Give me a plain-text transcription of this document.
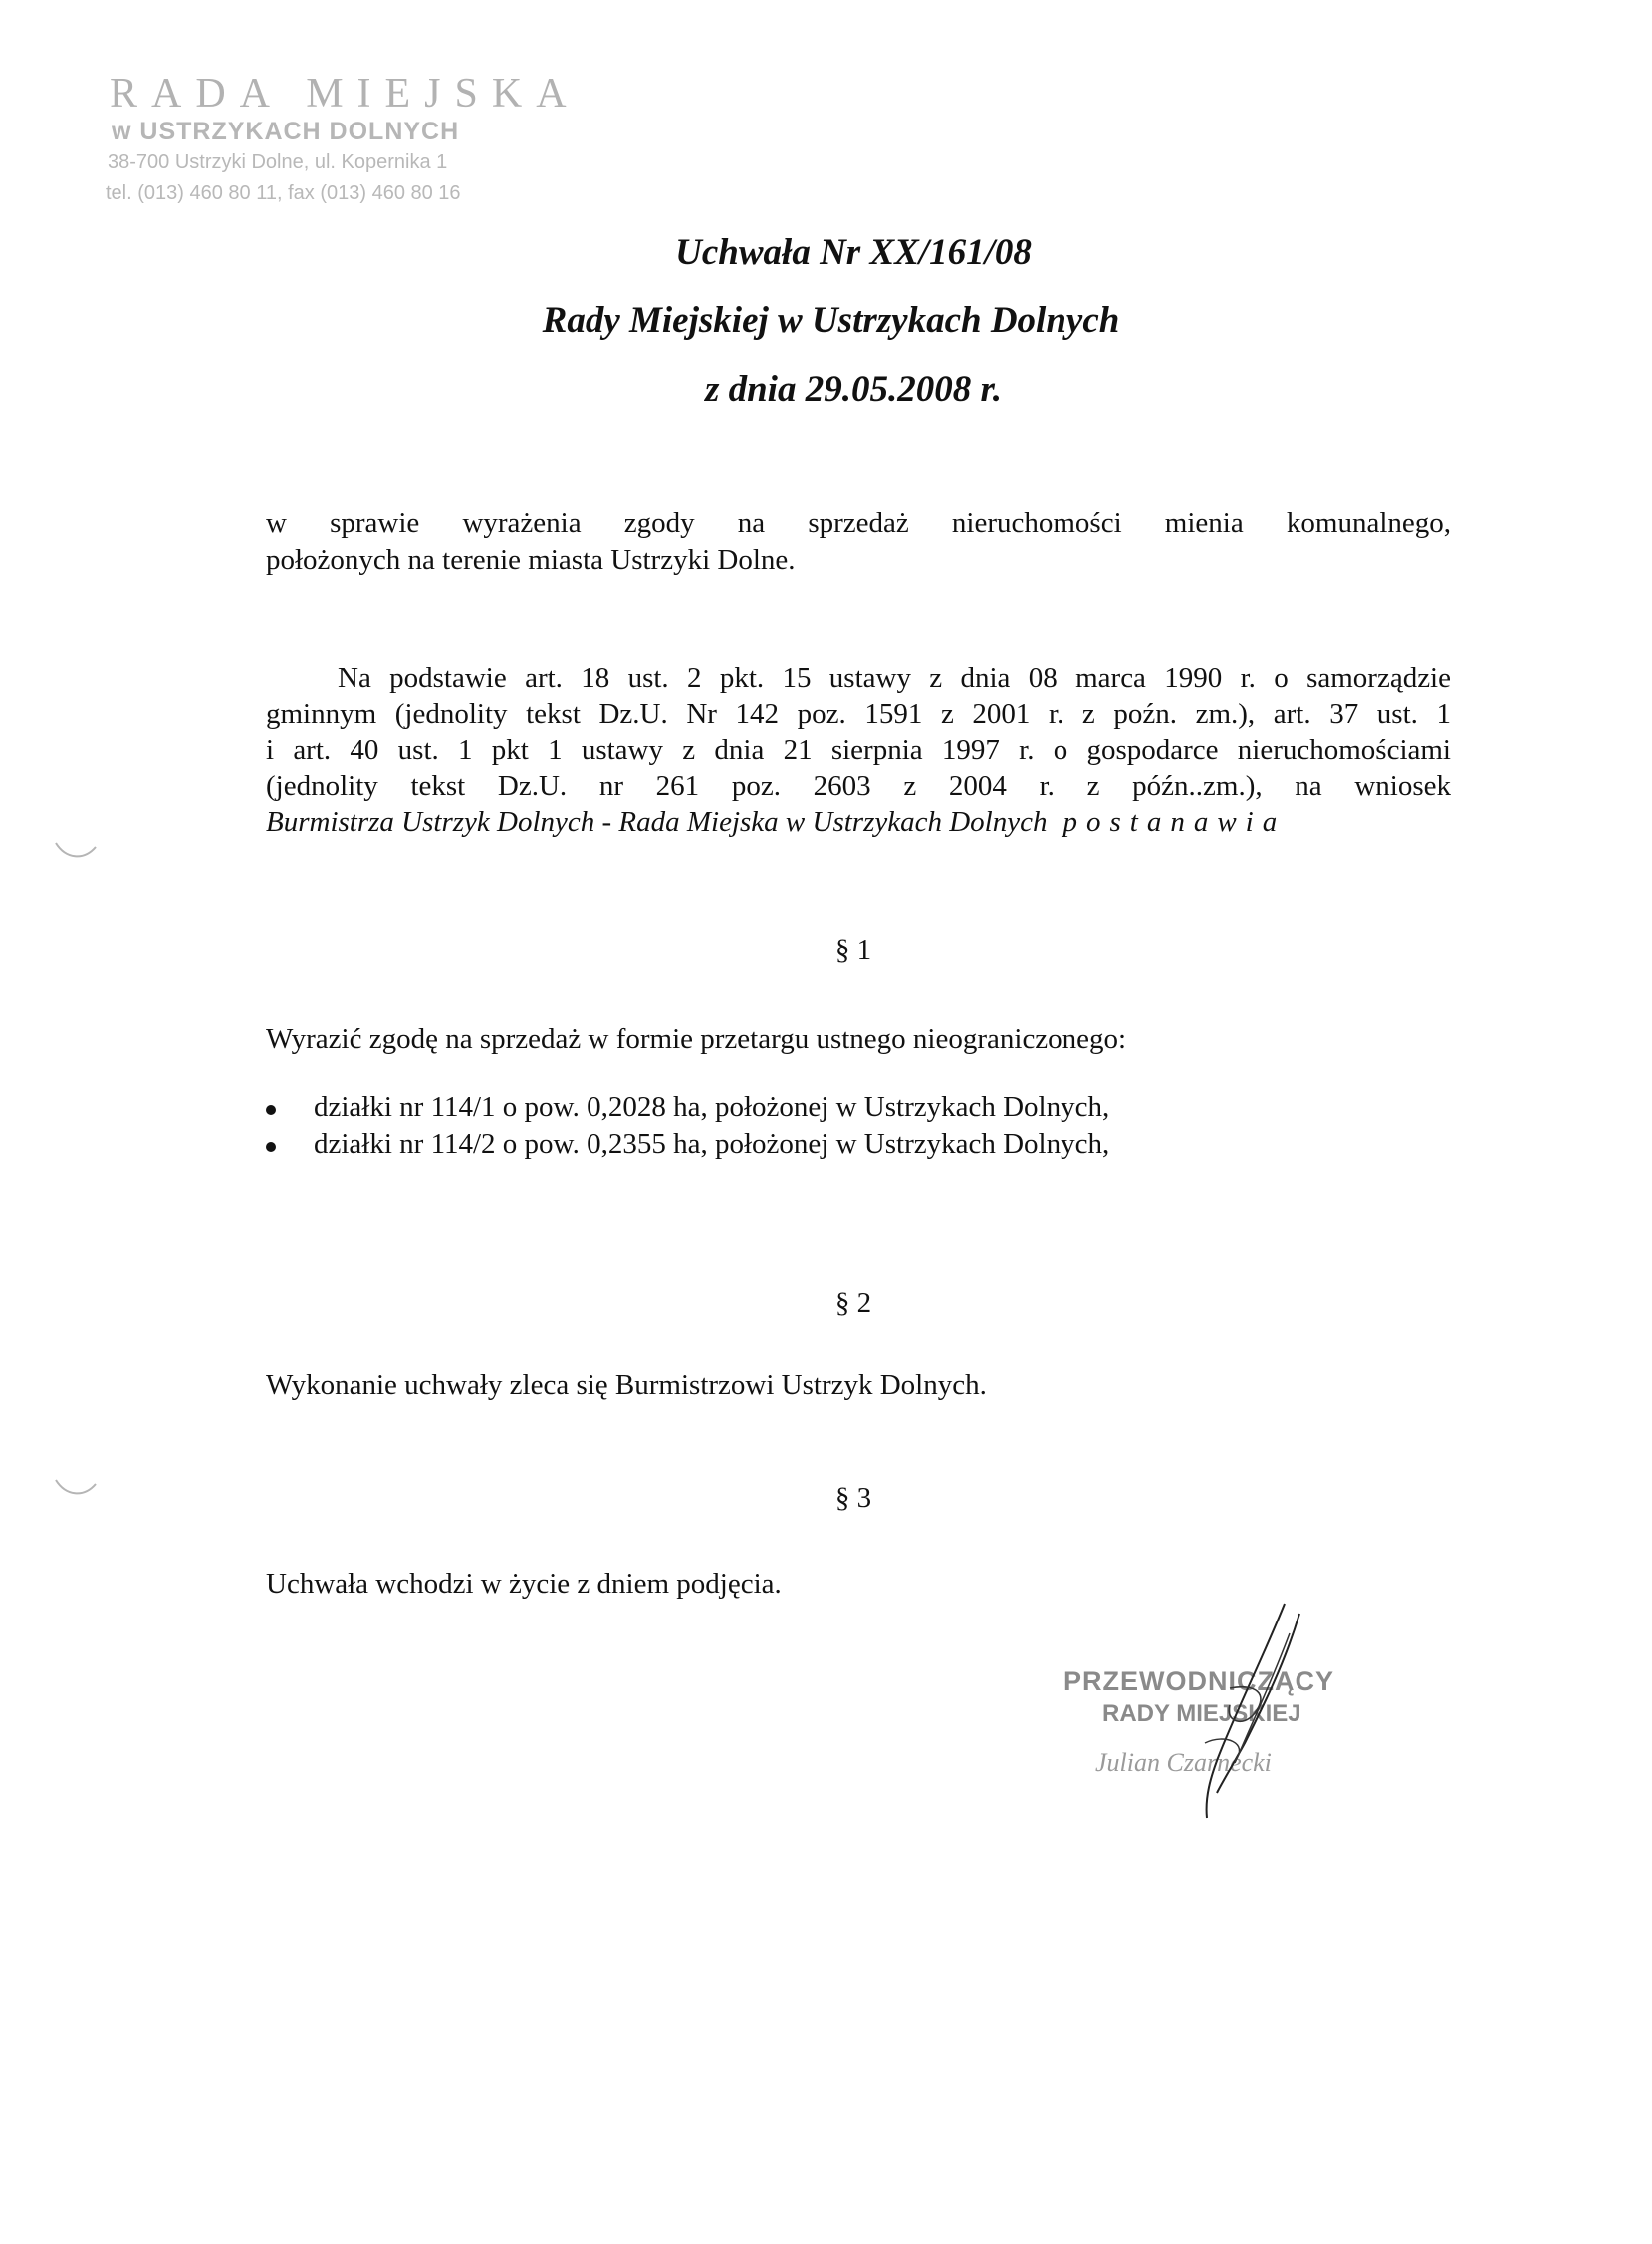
RADA MIEJSKA
w USTRZYKACH DOLNYCH
38-700 Ustrzyki Dolne, ul. Kopernika 1
tel. (013) 460 80 11, fax (013) 460 80 16
Uchwała Nr XX/161/08
Rady Miejskiej w Ustrzykach Dolnych
z dnia 29.05.2008 r.
w sprawie wyrażenia zgody na sprzedaż nieruchomości mienia komunalnego,
położonych na terenie miasta Ustrzyki Dolne.
Na podstawie art. 18 ust. 2 pkt. 15 ustawy z dnia 08 marca 1990 r. o samorządzie
gminnym (jednolity tekst Dz.U. Nr 142 poz. 1591 z 2001 r. z poźn. zm.), art. 37 ust. 1
i art. 40 ust. 1 pkt 1 ustawy z dnia 21 sierpnia 1997 r. o gospodarce nieruchomościami
(jednolity tekst Dz.U. nr 261 poz. 2603 z 2004 r. z późn..zm.), na wniosek
Burmistrza Ustrzyk Dolnych - Rada Miejska w Ustrzykach Dolnych postanawia
§ 1
Wyrazić zgodę na sprzedaż w formie przetargu ustnego nieograniczonego:
działki nr 114/1 o pow. 0,2028 ha, położonej w Ustrzykach Dolnych,
działki nr 114/2 o pow. 0,2355 ha, położonej w Ustrzykach Dolnych,
§ 2
Wykonanie uchwały zleca się Burmistrzowi Ustrzyk Dolnych.
§ 3
Uchwała wchodzi w życie z dniem podjęcia.
PRZEWODNICZĄCY
RADY MIEJSKIEJ
Julian Czarnecki
